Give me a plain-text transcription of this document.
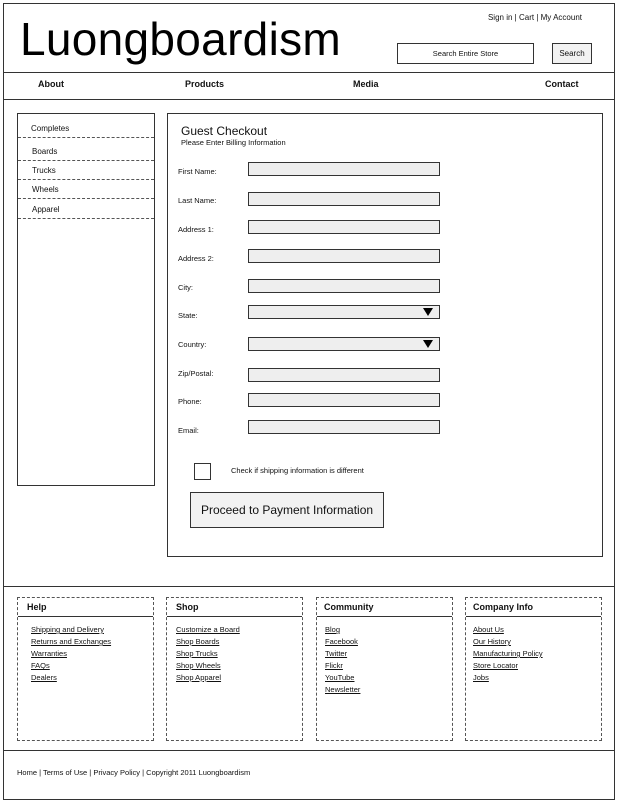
Luongboardism	Sign in | Cart | My Account
Search Entire Store
Search
About	Products	Media	Contact
Completes
Boards
Trucks
Wheels
Apparel
Guest Checkout
Please Enter Billing Information
First Name:
Last Name:
Address 1:
Address 2:
City:
State:
Country:
Zip/Postal:
Phone:
Email:
Check if shipping information is different
Proceed to Payment Information
Help
Shipping and Delivery
Returns and Exchanges
Warranties
FAQs
Dealers
Shop
Customize a Board
Shop Boards
Shop Trucks
Shop Wheels
Shop Apparel
Community
Blog
Facebook
Twitter
Flickr
YouTube
Newsletter
Company Info
About Us
Our History
Manufacturing Policy
Store Locator
Jobs
Home | Terms of Use | Privacy Policy | Copyright 2011 Luongboardism
